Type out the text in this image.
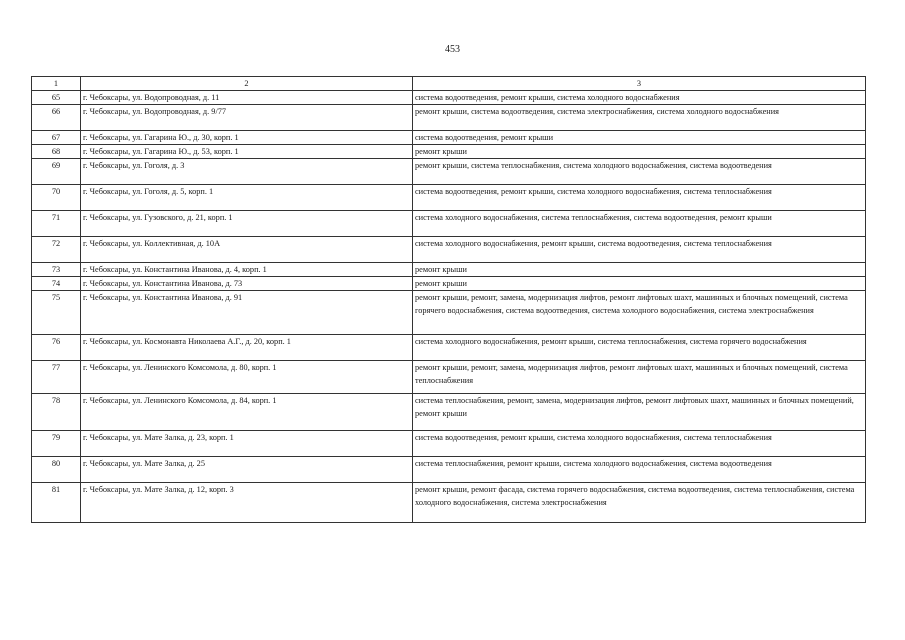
453
1	2	3
65	г. Чебоксары, ул. Водопроводная, д. 11	система водоотведения, ремонт крыши, система холодного водоснабжения
66	г. Чебоксары, ул. Водопроводная, д. 9/77	ремонт крыши, система водоотведения, система электроснабжения, система холодного водоснабжения
67	г. Чебоксары, ул. Гагарина Ю., д. 30, корп. 1	система водоотведения, ремонт крыши
68	г. Чебоксары, ул. Гагарина Ю., д. 53, корп. 1	ремонт крыши
69	г. Чебоксары, ул. Гоголя, д. 3	ремонт крыши, система теплоснабжения, система холодного водоснабжения, система водоотведения
70	г. Чебоксары, ул. Гоголя, д. 5, корп. 1	система водоотведения, ремонт крыши, система холодного водоснабжения, система теплоснабжения
71	г. Чебоксары, ул. Гузовского, д. 21, корп. 1	система холодного водоснабжения, система теплоснабжения, система водоотведения, ремонт крыши
72	г. Чебоксары, ул. Коллективная, д. 10А	система холодного водоснабжения, ремонт крыши, система водоотведения, система теплоснабжения
73	г. Чебоксары, ул. Константина Иванова, д. 4, корп. 1	ремонт крыши
74	г. Чебоксары, ул. Константина Иванова, д. 73	ремонт крыши
75	г. Чебоксары, ул. Константина Иванова, д. 91	ремонт крыши, ремонт, замена, модернизация лифтов, ремонт лифтовых шахт, машинных и блочных помещений, система горячего водоснабжения, система водоотведения, система холодного водоснабжения, система электроснабжения
76	г. Чебоксары, ул. Космонавта Николаева А.Г., д. 20, корп. 1	система холодного водоснабжения, ремонт крыши, система теплоснабжения, система горячего водоснабжения
77	г. Чебоксары, ул. Ленинского Комсомола, д. 80, корп. 1	ремонт крыши, ремонт, замена, модернизация лифтов, ремонт лифтовых шахт, машинных и блочных помещений, система теплоснабжения
78	г. Чебоксары, ул. Ленинского Комсомола, д. 84, корп. 1	система теплоснабжения, ремонт, замена, модернизация лифтов, ремонт лифтовых шахт, машинных и блочных помещений, ремонт крыши
79	г. Чебоксары, ул. Мате Залка, д. 23, корп. 1	система водоотведения, ремонт крыши, система холодного водоснабжения, система теплоснабжения
80	г. Чебоксары, ул. Мате Залка, д. 25	система теплоснабжения, ремонт крыши, система холодного водоснабжения, система водоотведения
81	г. Чебоксары, ул. Мате Залка, д. 12, корп. 3	ремонт крыши, ремонт фасада, система горячего водоснабжения, система водоотведения, система теплоснабжения, система холодного водоснабжения, система электроснабжения
